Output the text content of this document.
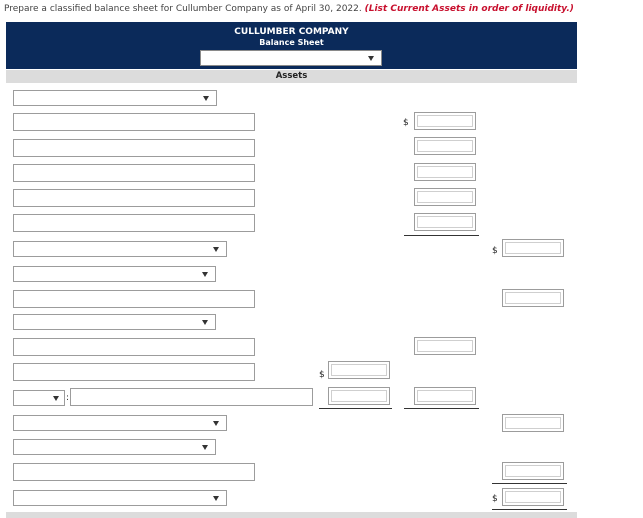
Prepare a classified balance sheet for Cullumber Company as of April 30, 2022. (List Current Assets in order of liquidity.)
CULLUMBER COMPANY
Balance Sheet
Assets
$
$
$
:
$
